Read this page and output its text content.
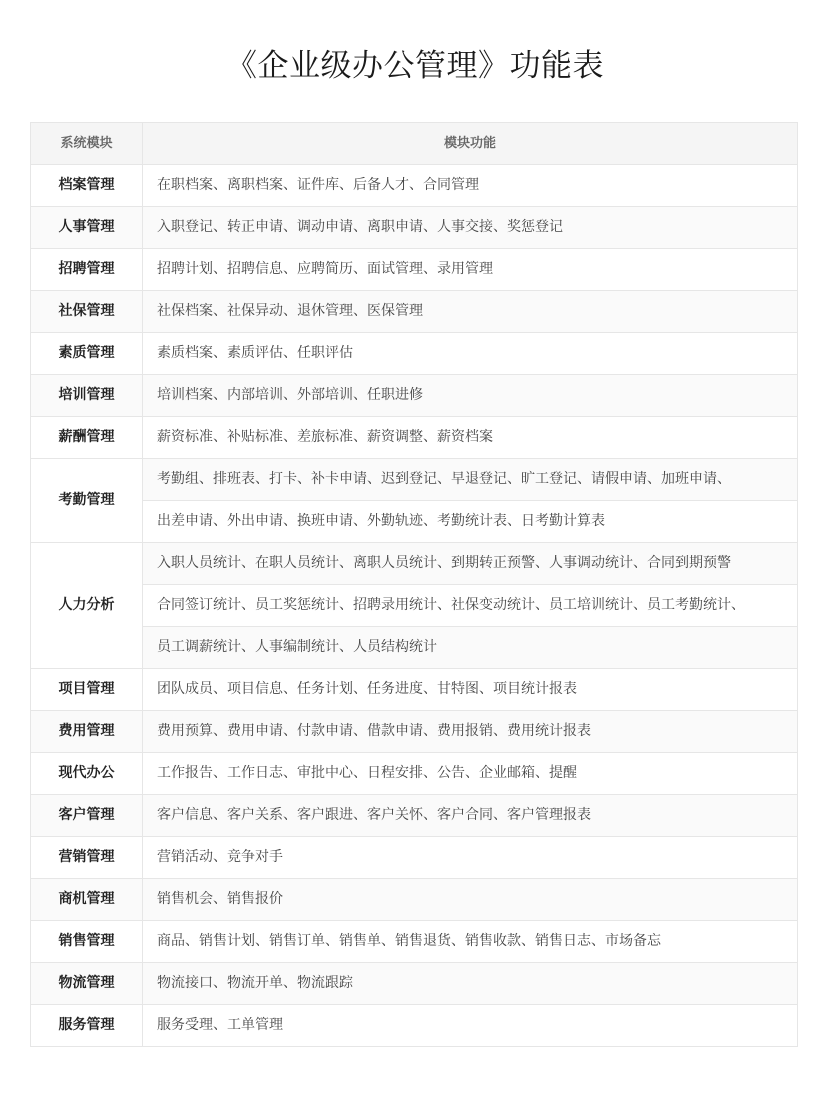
《企业级办公管理》功能表
系统模块	模块功能
档案管理	在职档案、离职档案、证件库、后备人才、合同管理
人事管理	入职登记、转正申请、调动申请、离职申请、人事交接、奖惩登记
招聘管理	招聘计划、招聘信息、应聘简历、面试管理、录用管理
社保管理	社保档案、社保异动、退休管理、医保管理
素质管理	素质档案、素质评估、任职评估
培训管理	培训档案、内部培训、外部培训、任职进修
薪酬管理	薪资标准、补贴标准、差旅标准、薪资调整、薪资档案
考勤管理	考勤组、排班表、打卡、补卡申请、迟到登记、早退登记、旷工登记、请假申请、加班申请、
	出差申请、外出申请、换班申请、外勤轨迹、考勤统计表、日考勤计算表
人力分析	入职人员统计、在职人员统计、离职人员统计、到期转正预警、人事调动统计、合同到期预警
	合同签订统计、员工奖惩统计、招聘录用统计、社保变动统计、员工培训统计、员工考勤统计、
	员工调薪统计、人事编制统计、人员结构统计
项目管理	团队成员、项目信息、任务计划、任务进度、甘特图、项目统计报表
费用管理	费用预算、费用申请、付款申请、借款申请、费用报销、费用统计报表
现代办公	工作报告、工作日志、审批中心、日程安排、公告、企业邮箱、提醒
客户管理	客户信息、客户关系、客户跟进、客户关怀、客户合同、客户管理报表
营销管理	营销活动、竞争对手
商机管理	销售机会、销售报价
销售管理	商品、销售计划、销售订单、销售单、销售退货、销售收款、销售日志、市场备忘
物流管理	物流接口、物流开单、物流跟踪
服务管理	服务受理、工单管理
